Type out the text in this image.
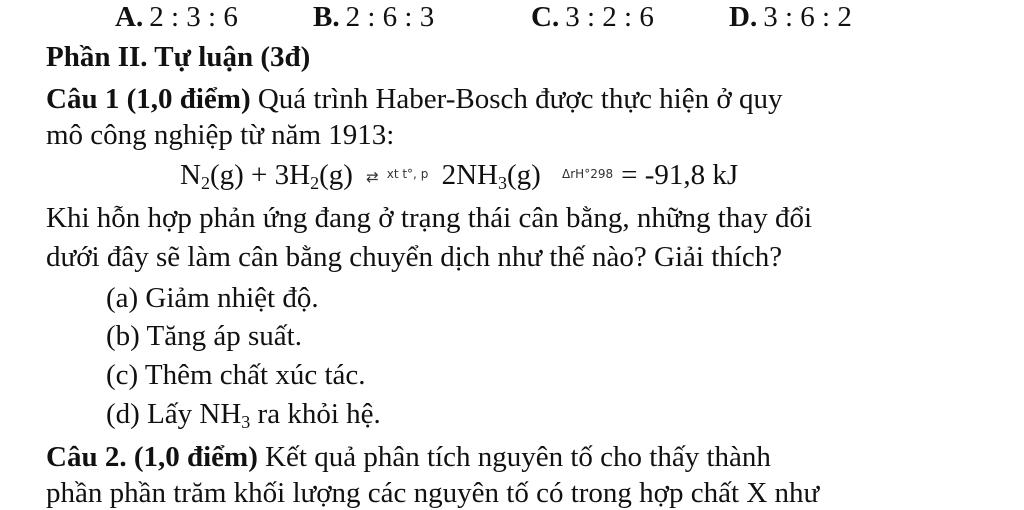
A. 2 : 3 : 6	B. 2 : 6 : 3	C. 3 : 2 : 6	D. 3 : 6 : 2
Phần II. Tự luận (3đ)
Câu 1 (1,0 điểm) Quá trình Haber-Bosch được thực hiện ở quy
mô công nghiệp từ năm 1913:
$N_2(g) + 3H_2(g)$ ⇄ $^{xt t^\circ, p}$ $2NH_3(g) ^{\Delta rH^\circ 298} = -91,8$ kJ
Khi hỗn hợp phản ứng đang ở trạng thái cân bằng, những thay đổi
dưới đây sẽ làm cân bằng chuyển dịch như thế nào? Giải thích?
(a) Giảm nhiệt độ.
(b) Tăng áp suất.
(c) Thêm chất xúc tác.
(d) Lấy $NH_3$ ra khỏi hệ.
Câu 2. (1,0 điểm) Kết quả phân tích nguyên tố cho thấy thành
phần phần trăm khối lượng các nguyên tố có trong hợp chất X như
